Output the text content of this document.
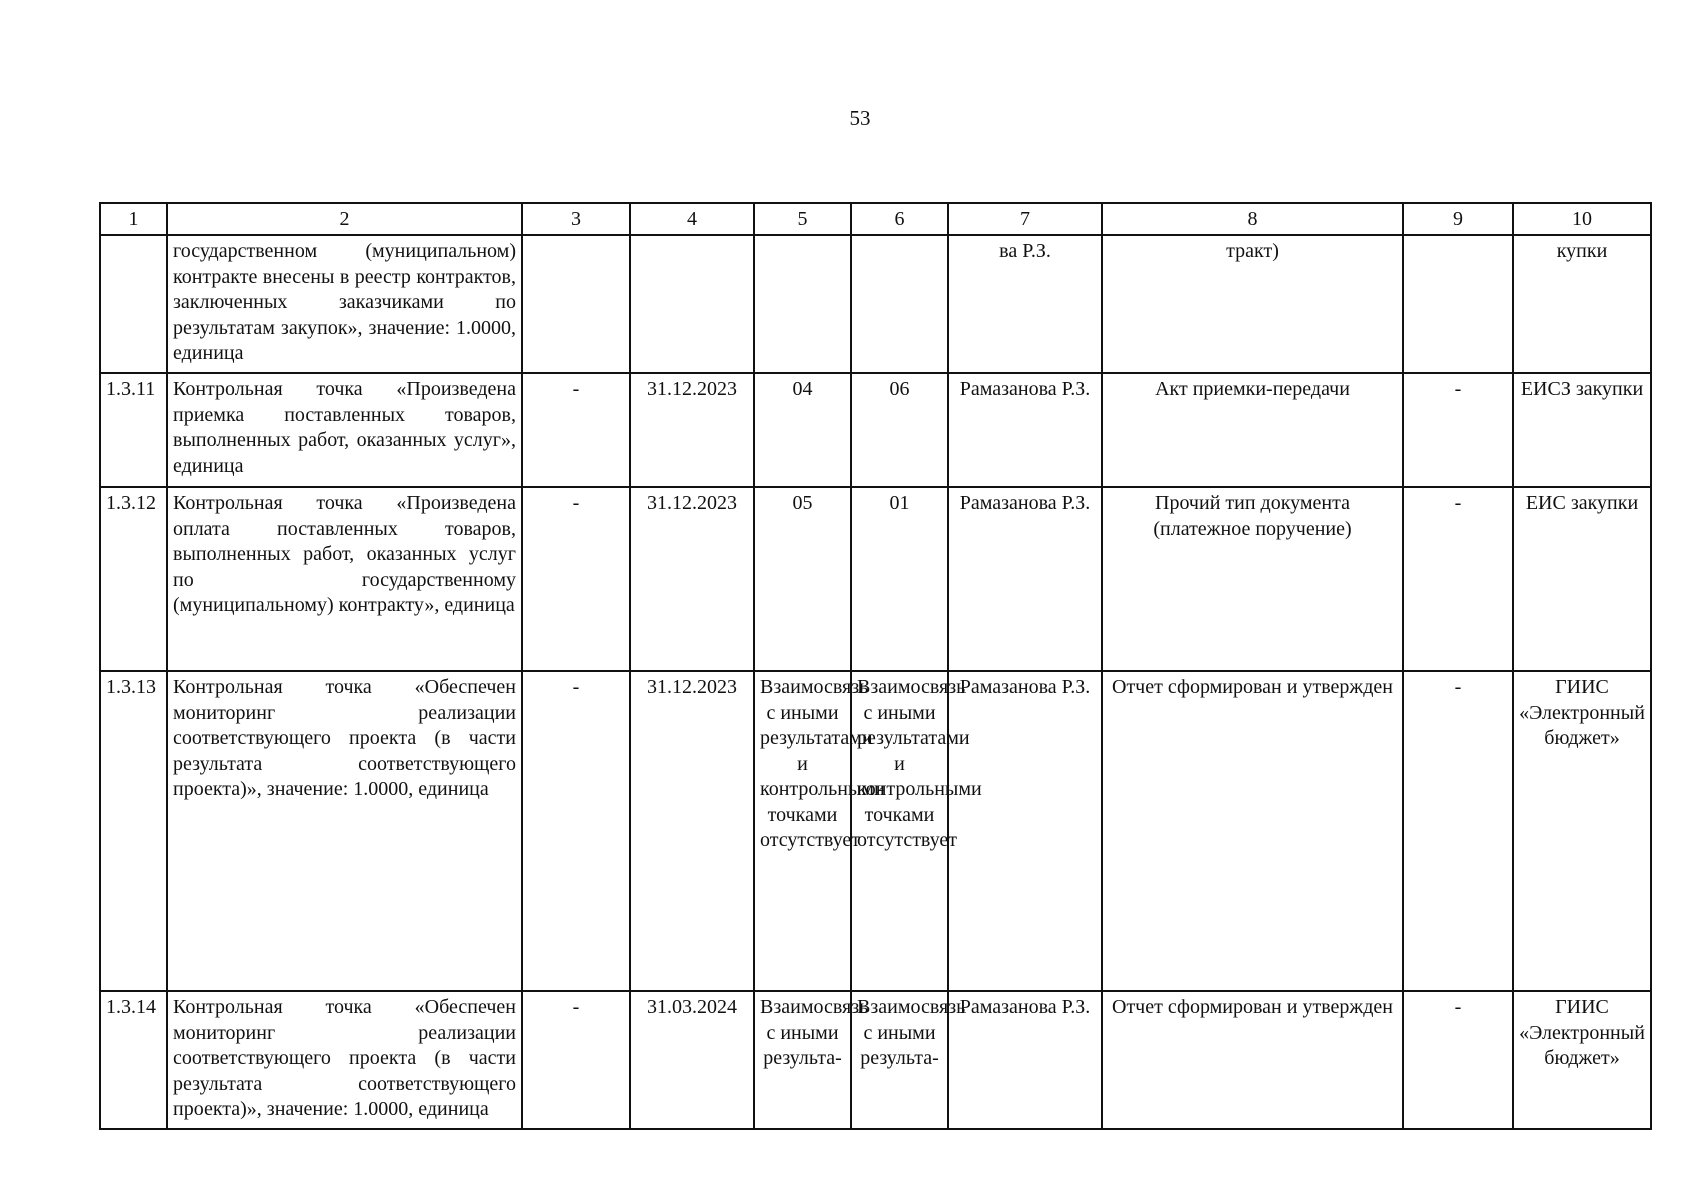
53
1	2	3	4	5	6	7	8	9	10
	государственном (муниципальном) контракте внесены в реестр контрактов, заключенных заказчиками по результатам закупок», значение: 1.0000, единица					ва Р.З.	тракт)		купки
1.3.11	Контрольная точка «Произведена приемка поставленных товаров, выполненных работ, оказанных услуг», единица	-	31.12.2023	04	06	Рамазанова Р.З.	Акт приемки-передачи	-	ЕИСЗ закупки
1.3.12	Контрольная точка «Произведена оплата поставленных товаров, выполненных работ, оказанных услуг по государственному (муниципальному) контракту», единица	-	31.12.2023	05	01	Рамазанова Р.З.	Прочий тип документа (платежное поручение)	-	ЕИС закупки
1.3.13	Контрольная точка «Обеспечен мониторинг реализации соответствующего проекта (в части результата соответствующего проекта)», значение: 1.0000, единица	-	31.12.2023	Взаимосвязь с иными результатами и контрольными точками отсутствует	Взаимосвязь с иными результатами и контрольными точками отсутствует	Рамазанова Р.З.	Отчет сформирован и утвержден	-	ГИИС «Электронный бюджет»
1.3.14	Контрольная точка «Обеспечен мониторинг реализации соответствующего проекта (в части результата соответствующего проекта)», значение: 1.0000, единица	-	31.03.2024	Взаимосвязь с иными результа-	Взаимосвязь с иными результа-	Рамазанова Р.З.	Отчет сформирован и утвержден	-	ГИИС «Электронный бюджет»
